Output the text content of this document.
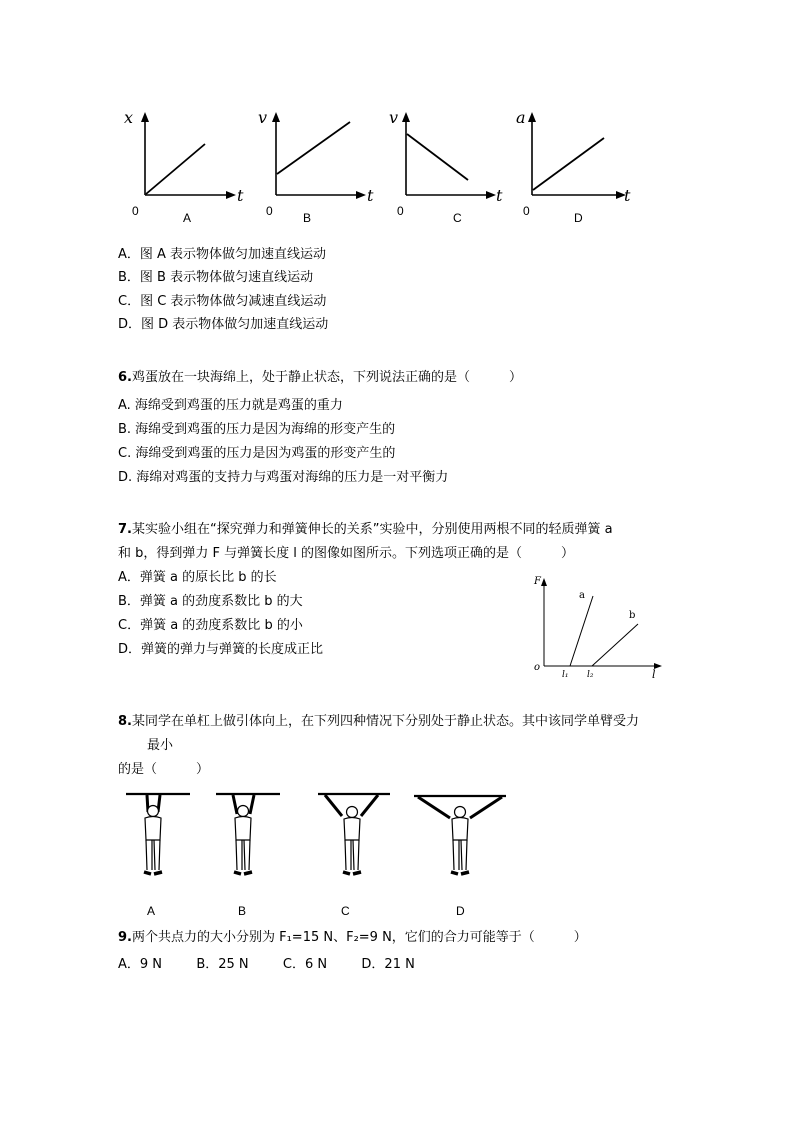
x
t
0	A
v
t
0	B
v
t
0	C
a
t
0	D
A．图 A 表示物体做匀加速直线运动
B．图 B 表示物体做匀速直线运动
C．图 C 表示物体做匀减速直线运动
D．图 D 表示物体做匀加速直线运动
6.鸡蛋放在一块海绵上，处于静止状态，下列说法正确的是（　　　）
A. 海绵受到鸡蛋的压力就是鸡蛋的重力
B. 海绵受到鸡蛋的压力是因为海绵的形变产生的
C. 海绵受到鸡蛋的压力是因为鸡蛋的形变产生的
D. 海绵对鸡蛋的支持力与鸡蛋对海绵的压力是一对平衡力
7.某实验小组在“探究弹力和弹簧伸长的关系”实验中，分别使用两根不同的轻质弹簧 a
和 b，得到弹力 F 与弹簧长度 l 的图像如图所示。下列选项正确的是（　　　）
A．弹簧 a 的原长比 b 的长
B．弹簧 a 的劲度系数比 b 的大
C．弹簧 a 的劲度系数比 b 的小
D．弹簧的弹力与弹簧的长度成正比
F
l
o
a
b
l₁ l₂
8.某同学在单杠上做引体向上，在下列四种情况下分别处于静止状态。其中该同学单臂受力
最小
的是（　　　）
A	B	C	D
9.两个共点力的大小分别为 F₁=15 N、F₂=9 N，它们的合力可能等于（　　　）
A．9 N	B．25 N	C．6 N	D．21 N
